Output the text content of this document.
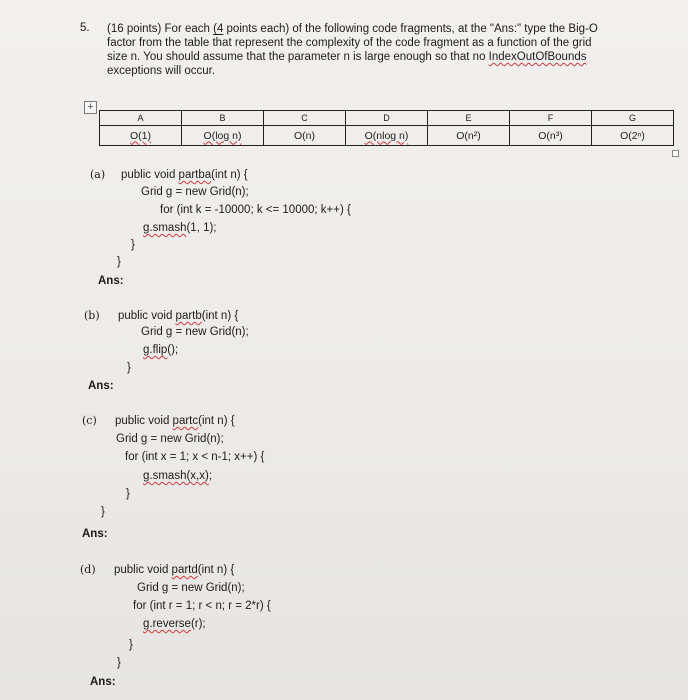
5. (16 points) For each (4 points each) of the following code fragments, at the "Ans:" type the Big-O
factor from the table that represent the complexity of the code fragment as a function of the grid
size n. You should assume that the parameter n is large enough so that no IndexOutOfBounds
exceptions will occur.
+
A	B	C	D	E	F	G
O(1)	O(log n)	O(n)	O(nlog n)	O(n²)	O(n³)	O(2ⁿ)
(a) public void partba(int n) {
Grid g = new Grid(n);
for (int k = -10000; k <= 10000; k++) {
g.smash(1, 1);
}
}
Ans:
(b) public void partb(int n) {
Grid g = new Grid(n);
g.flip();
}
Ans:
(c) public void partc(int n) {
Grid g = new Grid(n);
for (int x = 1; x < n-1; x++) {
g.smash(x,x);
}
}
Ans:
(d) public void partd(int n) {
Grid g = new Grid(n);
for (int r = 1; r < n; r = 2*r) {
g.reverse(r);
}
}
Ans:
